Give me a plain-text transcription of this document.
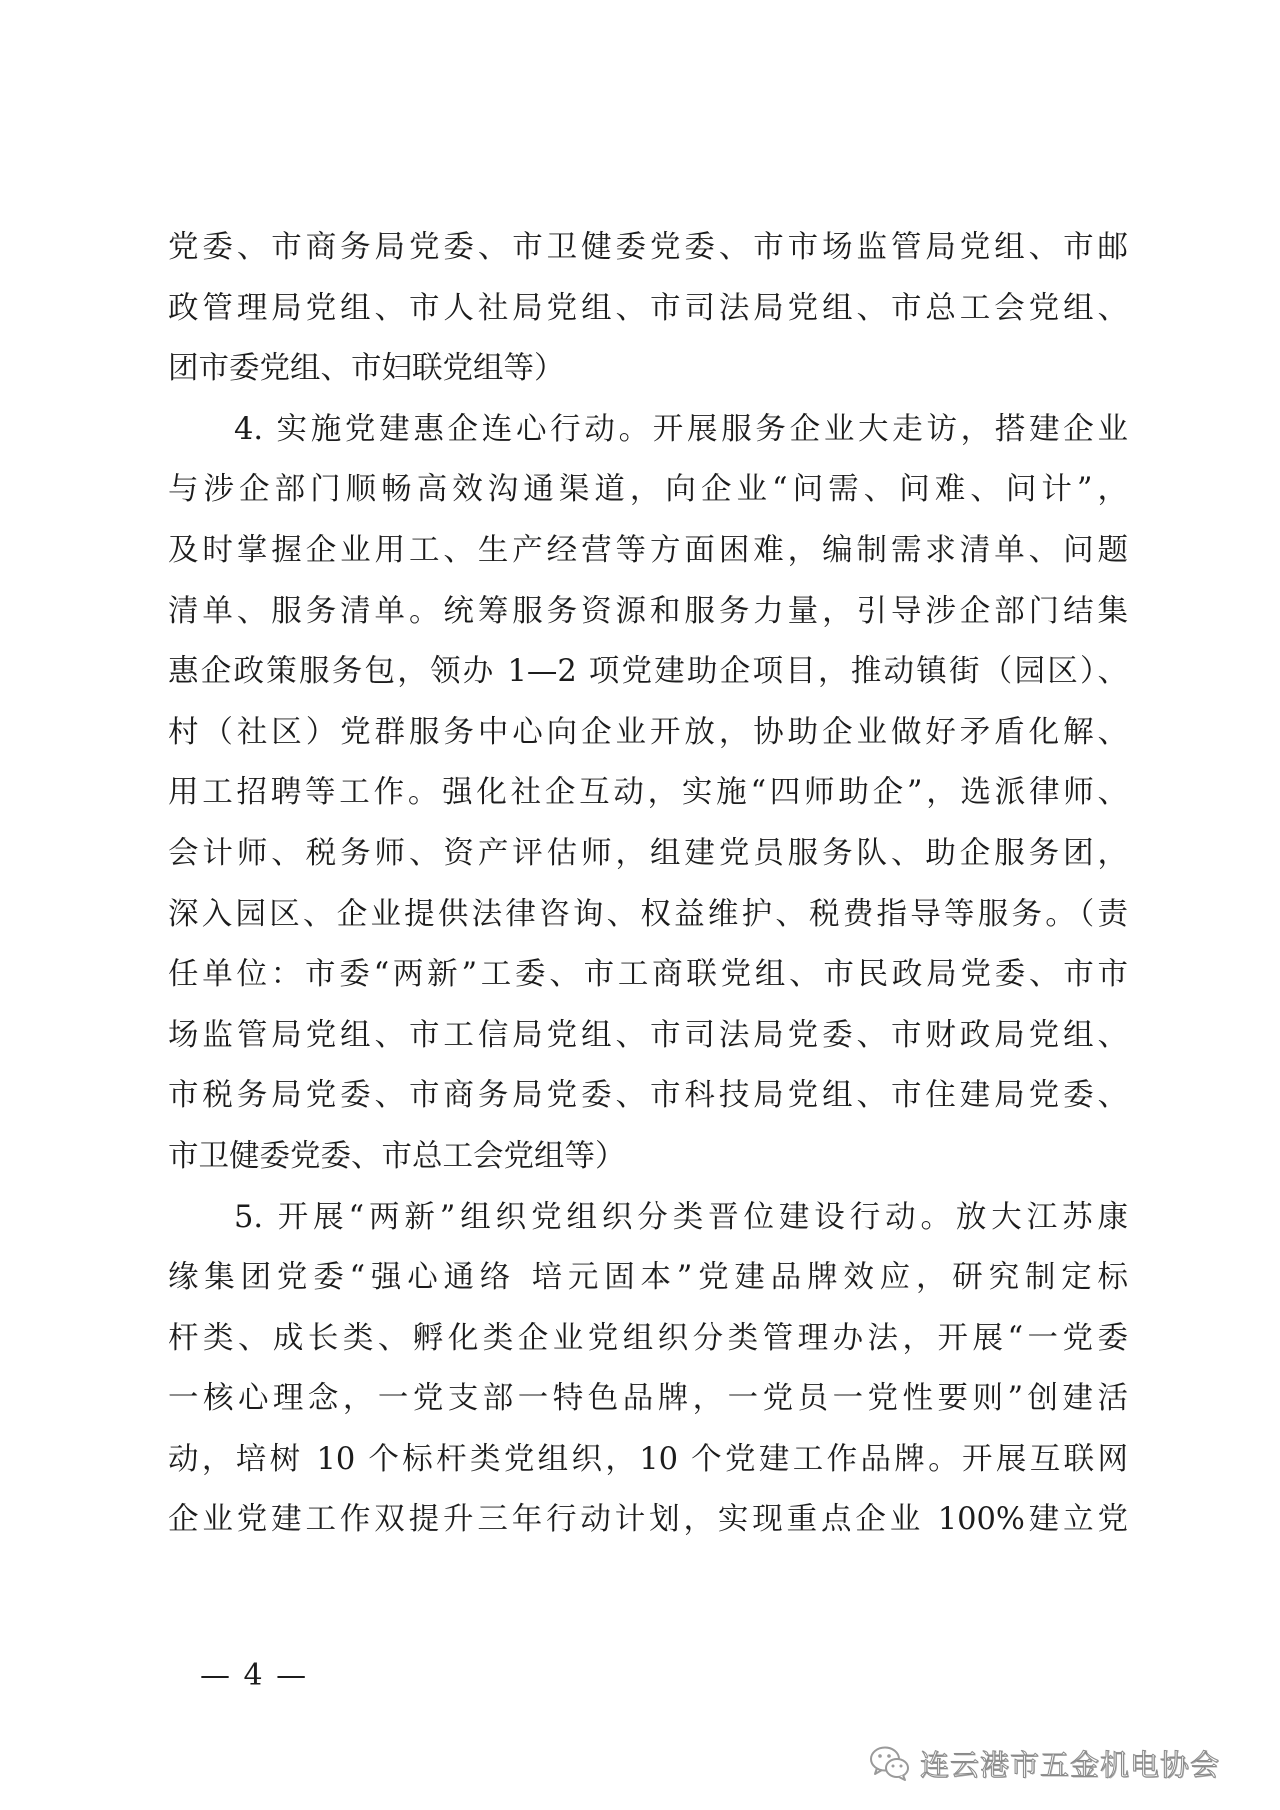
党委、市商务局党委、市卫健委党委、市市场监管局党组、市邮
政管理局党组、市人社局党组、市司法局党组、市总工会党组、
团市委党组、市妇联党组等）
4. 实施党建惠企连心行动。开展服务企业大走访，搭建企业
与涉企部门顺畅高效沟通渠道，向企业“问需、问难、问计”，
及时掌握企业用工、生产经营等方面困难，编制需求清单、问题
清单、服务清单。统筹服务资源和服务力量，引导涉企部门结集
惠企政策服务包，领办 1—2 项党建助企项目，推动镇街（园区）、
村（社区）党群服务中心向企业开放，协助企业做好矛盾化解、
用工招聘等工作。强化社企互动，实施“四师助企”，选派律师、
会计师、税务师、资产评估师，组建党员服务队、助企服务团，
深入园区、企业提供法律咨询、权益维护、税费指导等服务。（责
任单位：市委“两新”工委、市工商联党组、市民政局党委、市市
场监管局党组、市工信局党组、市司法局党委、市财政局党组、
市税务局党委、市商务局党委、市科技局党组、市住建局党委、
市卫健委党委、市总工会党组等）
5. 开展“两新”组织党组织分类晋位建设行动。放大江苏康
缘集团党委“强心通络 培元固本”党建品牌效应，研究制定标
杆类、成长类、孵化类企业党组织分类管理办法，开展“一党委
一核心理念，一党支部一特色品牌，一党员一党性要则”创建活
动，培树 10 个标杆类党组织，10 个党建工作品牌。开展互联网
企业党建工作双提升三年行动计划，实现重点企业 100%建立党
— 4 —
连云港市五金机电协会
